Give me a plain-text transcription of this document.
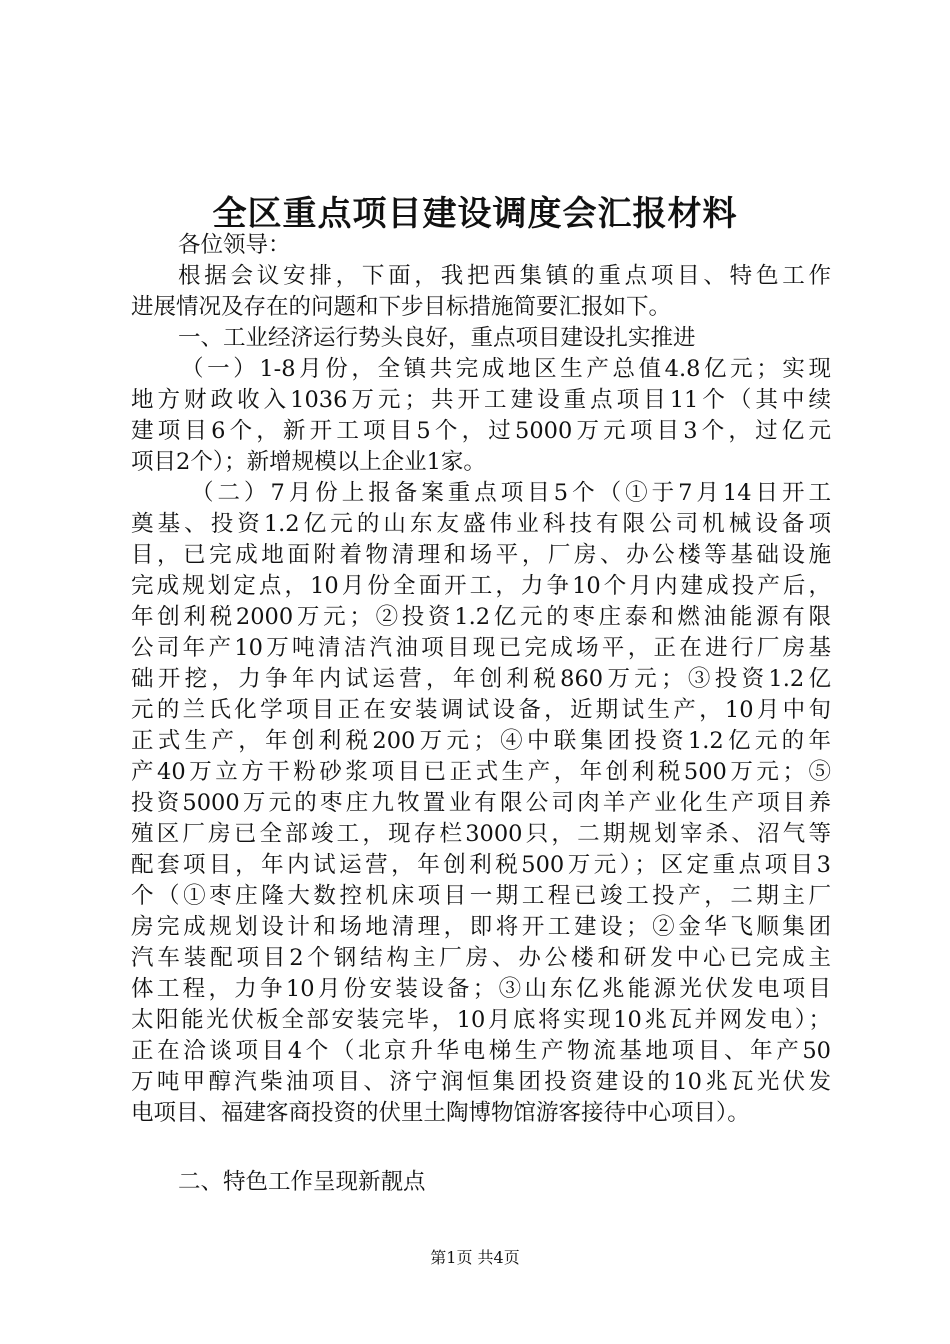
全区重点项目建设调度会汇报材料
各位领导：
根据会议安排，下面，我把西集镇的重点项目、特色工作
进展情况及存在的问题和下步目标措施简要汇报如下。
一、工业经济运行势头良好，重点项目建设扎实推进
（一）1-8月份，全镇共完成地区生产总值4.8亿元；实现
地方财政收入1036万元；共开工建设重点项目11个（其中续
建项目6个，新开工项目5个，过5000万元项目3个，过亿元
项目2个）；新增规模以上企业1家。
（二）7月份上报备案重点项目5个（①于7月14日开工
奠基、投资1.2亿元的山东友盛伟业科技有限公司机械设备项
目，已完成地面附着物清理和场平，厂房、办公楼等基础设施
完成规划定点，10月份全面开工，力争10个月内建成投产后，
年创利税2000万元；②投资1.2亿元的枣庄泰和燃油能源有限
公司年产10万吨清洁汽油项目现已完成场平，正在进行厂房基
础开挖，力争年内试运营，年创利税860万元；③投资1.2亿
元的兰氏化学项目正在安装调试设备，近期试生产，10月中旬
正式生产，年创利税200万元；④中联集团投资1.2亿元的年
产40万立方干粉砂浆项目已正式生产，年创利税500万元；⑤
投资5000万元的枣庄九牧置业有限公司肉羊产业化生产项目养
殖区厂房已全部竣工，现存栏3000只，二期规划宰杀、沼气等
配套项目，年内试运营，年创利税500万元）；区定重点项目3
个（①枣庄隆大数控机床项目一期工程已竣工投产，二期主厂
房完成规划设计和场地清理，即将开工建设；②金华飞顺集团
汽车装配项目2个钢结构主厂房、办公楼和研发中心已完成主
体工程，力争10月份安装设备；③山东亿兆能源光伏发电项目
太阳能光伏板全部安装完毕，10月底将实现10兆瓦并网发电）；
正在洽谈项目4个（北京升华电梯生产物流基地项目、年产50
万吨甲醇汽柴油项目、济宁润恒集团投资建设的10兆瓦光伏发
电项目、福建客商投资的伏里土陶博物馆游客接待中心项目）。
二、特色工作呈现新靓点
第1页 共4页
